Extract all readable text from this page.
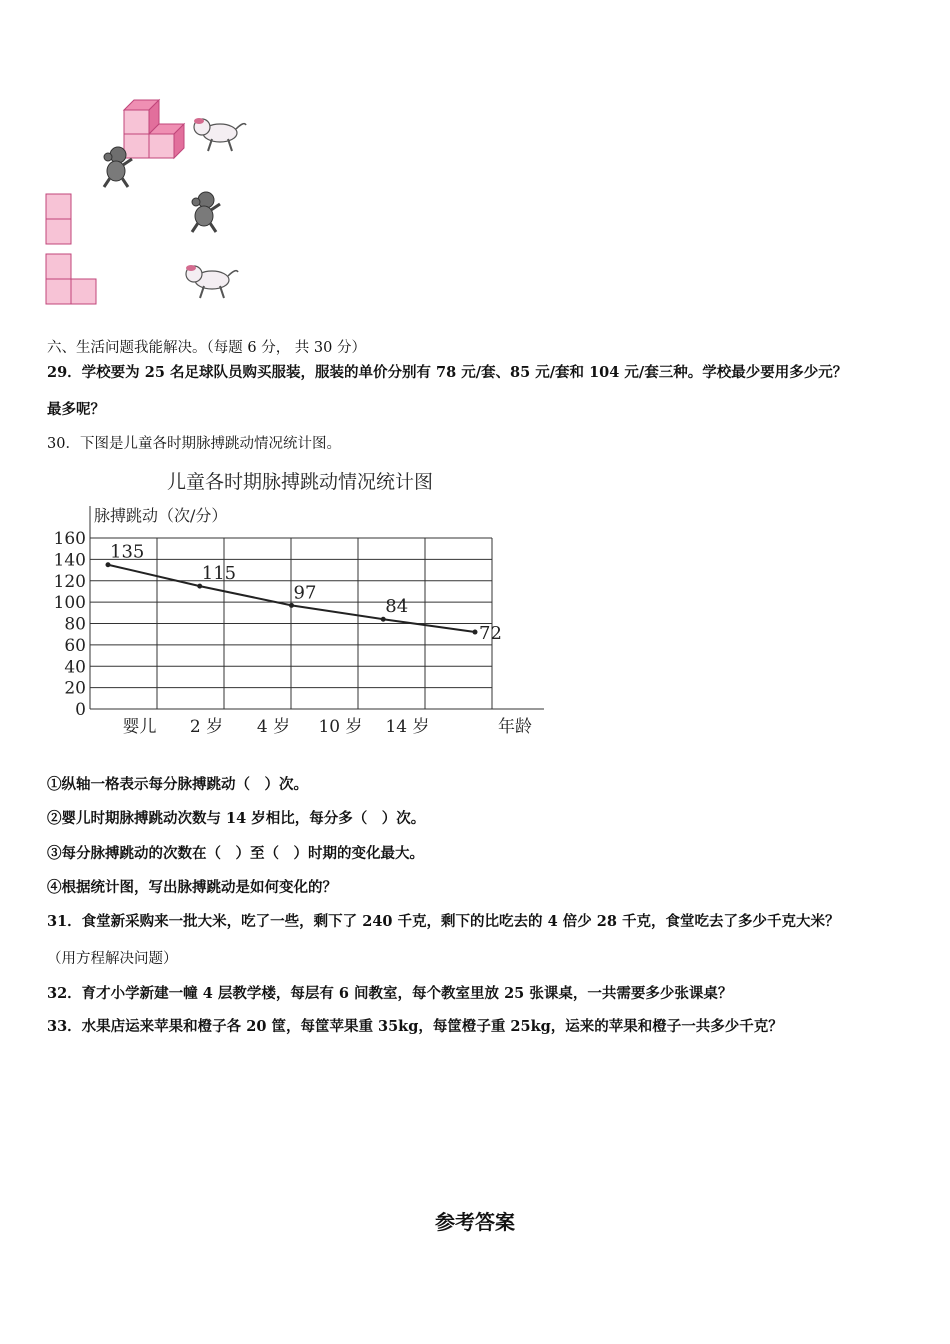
六、生活问题我能解决。（每题 6 分， 共 30 分）
29．学校要为 25 名足球队员购买服装，服装的单价分别有 78 元/套、85 元/套和 104 元/套三种。学校最少要用多少元？
最多呢？
30．下图是儿童各时期脉搏跳动情况统计图。
儿童各时期脉搏跳动情况统计图
脉搏跳动（次/分）
年龄
0
20
40
60
80
100
120
140
160
婴儿 2 岁 4 岁 10 岁 14 岁
135
115
97
84
72
①纵轴一格表示每分脉搏跳动（　）次。
②婴儿时期脉搏跳动次数与 14 岁相比，每分多（　）次。
③每分脉搏跳动的次数在（　）至（　）时期的变化最大。
④根据统计图，写出脉搏跳动是如何变化的？
31．食堂新采购来一批大米，吃了一些，剩下了 240 千克，剩下的比吃去的 4 倍少 28 千克，食堂吃去了多少千克大米？
（用方程解决问题）
32．育才小学新建一幢 4 层教学楼，每层有 6 间教室，每个教室里放 25 张课桌，一共需要多少张课桌？
33．水果店运来苹果和橙子各 20 筐，每筐苹果重 35kg，每筐橙子重 25kg，运来的苹果和橙子一共多少千克？
参考答案
